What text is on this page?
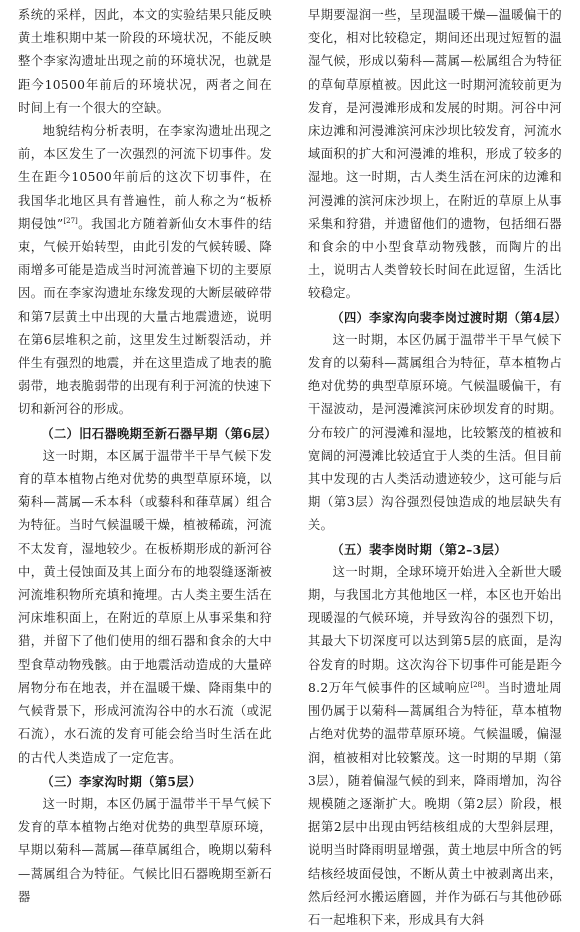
系统的采样，因此，本文的实验结果只能反映黄土堆积期中某一阶段的环境状况，不能反映整个李家沟遗址出现之前的环境状况，也就是距今10500年前后的环境状况，两者之间在时间上有一个很大的空缺。

地貌结构分析表明，在李家沟遗址出现之前，本区发生了一次强烈的河流下切事件。发生在距今10500年前后的这次下切事件，在我国华北地区具有普遍性，前人称之为“板桥期侵蚀”[27]。我国北方随着新仙女木事件的结束，气候开始转型，由此引发的气候转暖、降雨增多可能是造成当时河流普遍下切的主要原因。而在李家沟遗址东缘发现的大断层破碎带和第7层黄土中出现的大量古地震遗迹，说明在第6层堆积之前，这里发生过断裂活动，并伴生有强烈的地震，并在这里造成了地表的脆弱带，地表脆弱带的出现有利于河流的快速下切和新河谷的形成。

（二）旧石器晚期至新石器早期（第6层）

这一时期，本区属于温带半干旱气候下发育的草本植物占绝对优势的典型草原环境，以菊科—蒿属—禾本科（或藜科和葎草属）组合为特征。当时气候温暖干燥，植被稀疏，河流不太发育，湿地较少。在板桥期形成的新河谷中，黄土侵蚀面及其上面分布的地裂缝逐渐被河流堆积物所充填和掩埋。古人类主要生活在河床堆积面上，在附近的草原上从事采集和狩猎，并留下了他们使用的细石器和食余的大中型食草动物残骸。由于地震活动造成的大量碎屑物分布在地表，并在温暖干燥、降雨集中的气候背景下，形成河流沟谷中的水石流（或泥石流），水石流的发育可能会给当时生活在此的古代人类造成了一定危害。

（三）李家沟时期（第5层）

这一时期，本区仍属于温带半干旱气候下发育的草本植物占绝对优势的典型草原环境，早期以菊科—蒿属—葎草属组合，晚期以菊科—蒿属组合为特征。气候比旧石器晚期至新石器

早期要湿润一些，呈现温暖干燥—温暖偏干的变化，相对比较稳定，期间还出现过短暂的温湿气候，形成以菊科—蒿属—松属组合为特征的草甸草原植被。因此这一时期河流较前更为发育，是河漫滩形成和发展的时期。河谷中河床边滩和河漫滩滨河床沙坝比较发育，河流水域面积的扩大和河漫滩的堆积，形成了较多的湿地。这一时期，古人类生活在河床的边滩和河漫滩的滨河床沙坝上，在附近的草原上从事采集和狩猎，并遗留他们的遗物，包括细石器和食余的中小型食草动物残骸，而陶片的出土，说明古人类曾较长时间在此逗留，生活比较稳定。

（四）李家沟向裴李岗过渡时期（第4层）

这一时期，本区仍属于温带半干旱气候下发育的以菊科—蒿属组合为特征，草本植物占绝对优势的典型草原环境。气候温暖偏干，有干湿波动，是河漫滩滨河床砂坝发育的时期。分布较广的河漫滩和湿地，比较繁茂的植被和宽阔的河漫滩比较适宜于人类的生活。但目前其中发现的古人类活动遗迹较少，这可能与后期（第3层）沟谷强烈侵蚀造成的地层缺失有关。

（五）裴李岗时期（第2–3层）

这一时期，全球环境开始进入全新世大暖期，与我国北方其他地区一样，本区也开始出现暖湿的气候环境，并导致沟谷的强烈下切，其最大下切深度可以达到第5层的底面，是沟谷发育的时期。这次沟谷下切事件可能是距今8.2万年气候事件的区域响应[28]。当时遗址周围仍属于以菊科—蒿属组合为特征，草本植物占绝对优势的温带草原环境。气候温暖，偏湿润，植被相对比较繁茂。这一时期的早期（第3层），随着偏湿气候的到来，降雨增加，沟谷规模随之逐渐扩大。晚期（第2层）阶段，根据第2层中出现由钙结核组成的大型斜层理，说明当时降雨明显增强，黄土地层中所含的钙结核经坡面侵蚀，不断从黄土中被剥离出来，然后经河水搬运磨圆，并作为砾石与其他砂砾石一起堆积下来，形成具有大斜
